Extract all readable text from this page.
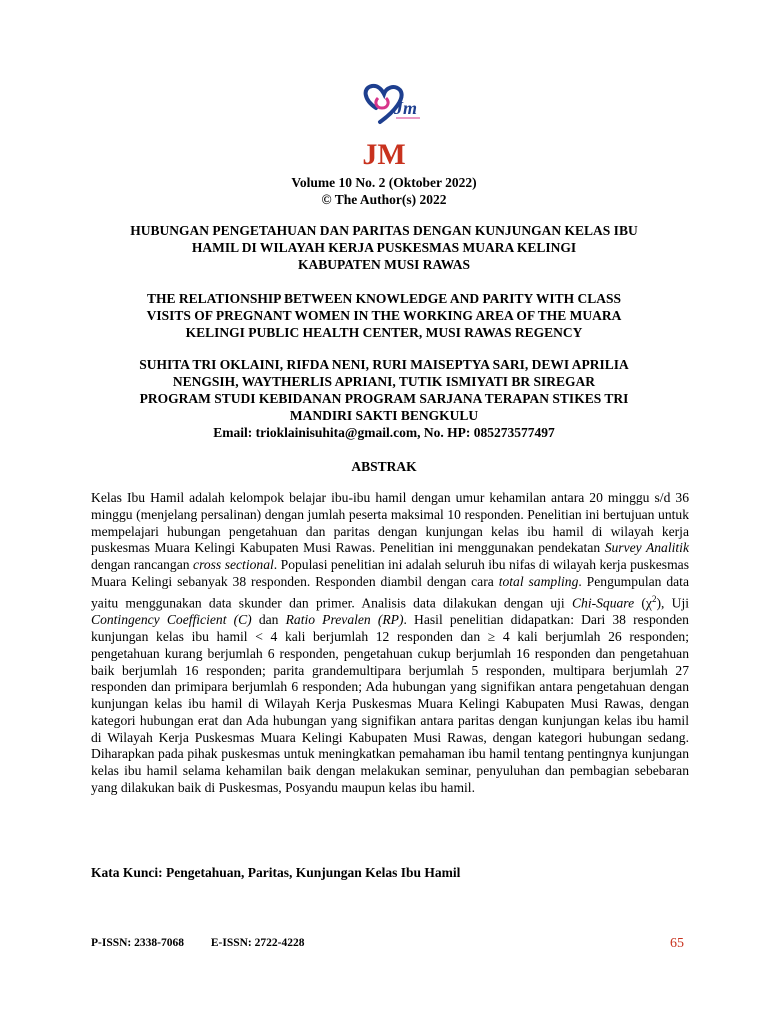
Jm
JM

Volume 10 No. 2 (Oktober 2022)

© The Author(s) 2022

HUBUNGAN PENGETAHUAN DAN PARITAS DENGAN KUNJUNGAN KELAS IBU

HAMIL DI WILAYAH KERJA PUSKESMAS MUARA KELINGI

KABUPATEN MUSI RAWAS

THE RELATIONSHIP BETWEEN KNOWLEDGE AND PARITY WITH CLASS

VISITS OF PREGNANT WOMEN IN THE WORKING AREA OF THE MUARA

KELINGI PUBLIC HEALTH CENTER, MUSI RAWAS REGENCY

SUHITA TRI OKLAINI, RIFDA NENI, RURI MAISEPTYA SARI, DEWI APRILIA

NENGSIH, WAYTHERLIS APRIANI, TUTIK ISMIYATI BR SIREGAR

PROGRAM STUDI KEBIDANAN PROGRAM SARJANA TERAPAN STIKES TRI

MANDIRI SAKTI BENGKULU

Email: trioklainisuhita@gmail.com, No. HP: 085273577497

ABSTRAK
Kelas Ibu Hamil adalah kelompok belajar ibu-ibu hamil dengan umur kehamilan antara 20 minggu s/d 36 minggu (menjelang persalinan) dengan jumlah peserta maksimal 10 responden. Penelitian ini bertujuan untuk mempelajari hubungan pengetahuan dan paritas dengan kunjungan kelas ibu hamil di wilayah kerja puskesmas Muara Kelingi Kabupaten Musi Rawas. Penelitian ini menggunakan pendekatan Survey Analitik dengan rancangan cross sectional. Populasi penelitian ini adalah seluruh ibu nifas di wilayah kerja puskesmas Muara Kelingi sebanyak 38 responden. Responden diambil dengan cara total sampling. Pengumpulan data yaitu menggunakan data skunder dan primer. Analisis data dilakukan dengan uji Chi-Square $(\chi^2)$, Uji Contingency Coefficient (C) dan Ratio Prevalen (RP). Hasil penelitian didapatkan: Dari 38 responden kunjungan kelas ibu hamil < 4 kali berjumlah 12 responden dan ≥ 4 kali berjumlah 26 responden; pengetahuan kurang berjumlah 6 responden, pengetahuan cukup berjumlah 16 responden dan pengetahuan baik berjumlah 16 responden; parita grandemultipara berjumlah 5 responden, multipara berjumlah 27 responden dan primipara berjumlah 6 responden; Ada hubungan yang signifikan antara pengetahuan dengan kunjungan kelas ibu hamil di Wilayah Kerja Puskesmas Muara Kelingi Kabupaten Musi Rawas, dengan kategori hubungan erat dan Ada hubungan yang signifikan antara paritas dengan kunjungan kelas ibu hamil di Wilayah Kerja Puskesmas Muara Kelingi Kabupaten Musi Rawas, dengan kategori hubungan sedang. Diharapkan pada pihak puskesmas untuk meningkatkan pemahaman ibu hamil tentang pentingnya kunjungan kelas ibu hamil selama kehamilan baik dengan melakukan seminar, penyuluhan dan pembagian sebebaran yang dilakukan baik di Puskesmas, Posyandu maupun kelas ibu hamil.
Kata Kunci: Pengetahuan, Paritas, Kunjungan Kelas Ibu Hamil
P-ISSN: 2338-7068 E-ISSN: 2722-4228	65
